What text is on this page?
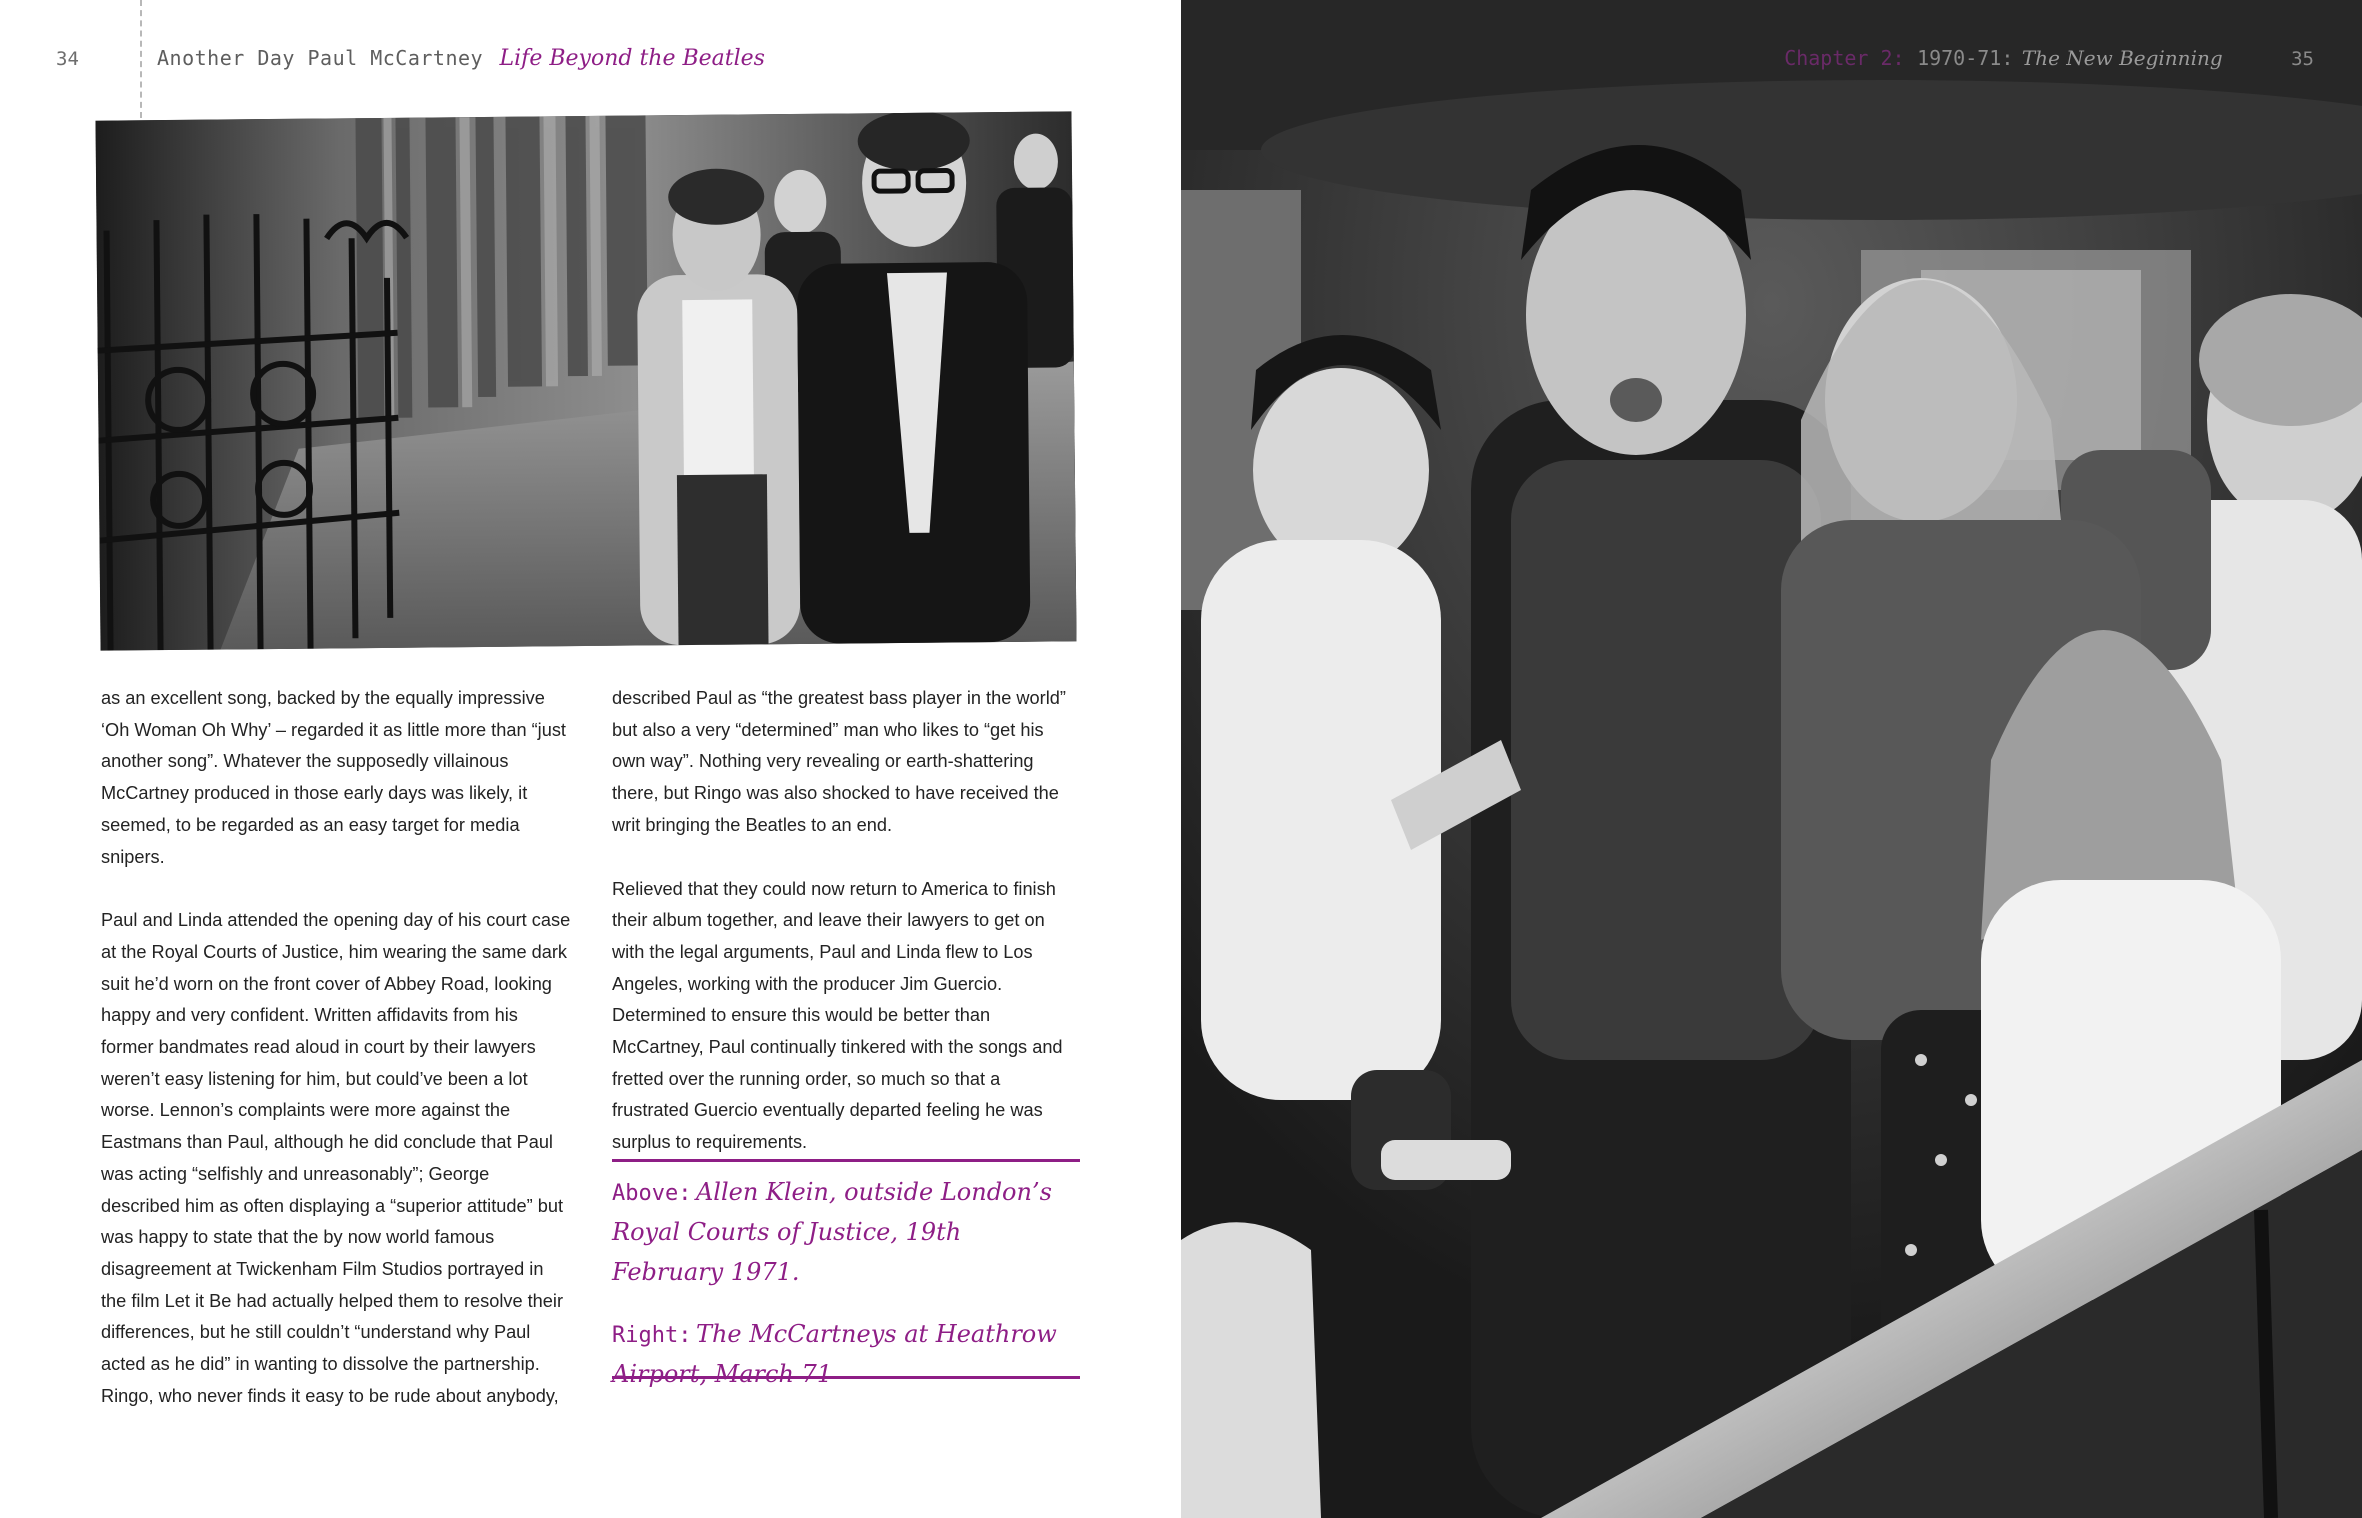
34	Another Day Paul McCartney Life Beyond the Beatles

as an excellent song, backed by the equally impressive ‘Oh Woman Oh Why’ – regarded it as little more than “just another song”. Whatever the supposedly villainous McCartney produced in those early days was likely, it seemed, to be regarded as an easy target for media snipers.

Paul and Linda attended the opening day of his court case at the Royal Courts of Justice, him wearing the same dark suit he’d worn on the front cover of Abbey Road, looking happy and very confident. Written affidavits from his former bandmates read aloud in court by their lawyers weren’t easy listening for him, but could’ve been a lot worse. Lennon’s complaints were more against the Eastmans than Paul, although he did conclude that Paul was acting “selfishly and unreasonably”; George described him as often displaying a “superior attitude” but was happy to state that the by now world famous disagreement at Twickenham Film Studios portrayed in the film Let it Be had actually helped them to resolve their differences, but he still couldn’t “understand why Paul acted as he did” in wanting to dissolve the partnership. Ringo, who never finds it easy to be rude about anybody,

described Paul as “the greatest bass player in the world” but also a very “determined” man who likes to “get his own way”. Nothing very revealing or earth-shattering there, but Ringo was also shocked to have received the writ bringing the Beatles to an end.

Relieved that they could now return to America to finish their album together, and leave their lawyers to get on with the legal arguments, Paul and Linda flew to Los Angeles, working with the producer Jim Guercio. Determined to ensure this would be better than McCartney, Paul continually tinkered with the songs and fretted over the running order, so much so that a frustrated Guercio eventually departed feeling he was surplus to requirements.

Above: Allen Klein, outside London’s Royal Courts of Justice, 19th February 1971.

Right: The McCartneys at Heathrow Airport, March 71

Chapter 2: 1970-71: The New Beginning	35
